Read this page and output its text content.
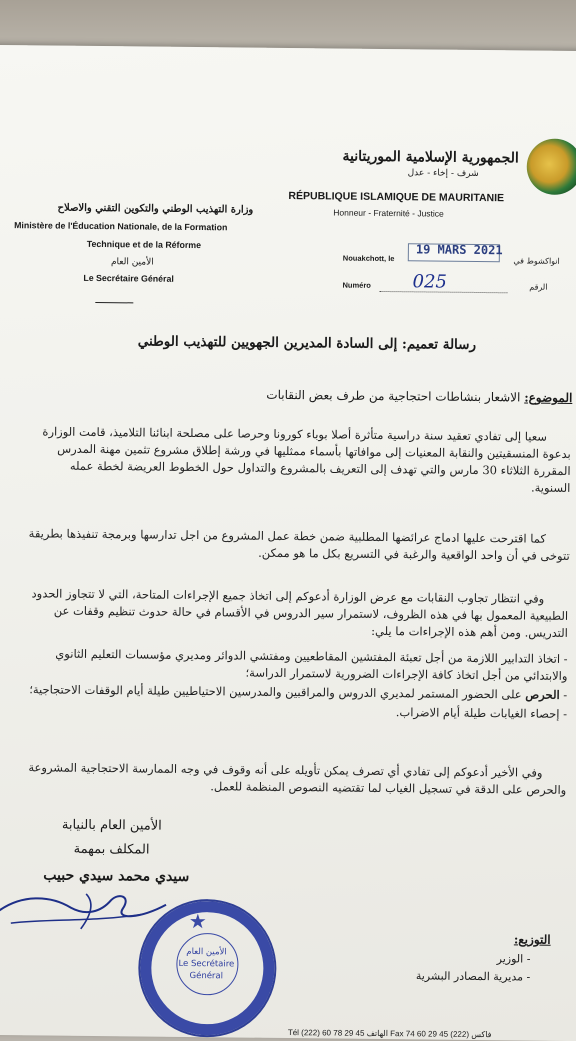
الجمهورية الإسلامية الموريتانية
شرف - إخاء - عدل
RÉPUBLIQUE ISLAMIQUE DE MAURITANIE
Honneur - Fraternité - Justice
وزارة التهذيب الوطني والتكوين التقني والاصلاح
Ministère de l'Éducation Nationale, de la Formation
Technique et de la Réforme
الأمين العام
Le Secrétaire Général
Nouakchott, le
19 MARS 2021
انواكشوط في
Numéro 025	الرقم
رسالة تعميم: إلى السادة المديرين الجهويين للتهذيب الوطني
الموضوع: الاشعار بنشاطات احتجاجية من طرف بعض النقابات
سعيا إلى تفادي تعقيد سنة دراسية متأثرة أصلا بوباء كورونا وحرصا على مصلحة ابنائنا التلاميذ، قامت الوزارة بدعوة المنسقيتين والنقابة المعنيات إلى موافاتها بأسماء ممثليها في ورشة إطلاق مشروع تثمين مهنة المدرس المقررة الثلاثاء 30 مارس والتي تهدف إلى التعريف بالمشروع والتداول حول الخطوط العريضة لخطة عمله السنوية.
كما اقترحت عليها ادماج عرائضها المطلبية ضمن خطة عمل المشروع من اجل تدارسها وبرمجة تنفيذها بطريقة تتوخى في أن واحد الواقعية والرغبة في التسريع بكل ما هو ممكن.
وفي انتظار تجاوب النقابات مع عرض الوزارة أدعوكم إلى اتخاذ جميع الإجراءات المتاحة، التي لا تتجاوز الحدود الطبيعية المعمول بها في هذه الظروف، لاستمرار سير الدروس في الأقسام في حالة حدوث تنظيم وقفات عن التدريس. ومن أهم هذه الإجراءات ما يلي:
- اتخاذ التدابير اللازمة من أجل تعبئة المفتشين المقاطعيين ومفتشي الدوائر ومديري مؤسسات التعليم الثانوي والابتدائي من أجل اتخاذ كافة الإجراءات الضرورية لاستمرار الدراسة؛
- الحرص على الحضور المستمر لمديري الدروس والمراقبين والمدرسين الاحتياطيين طيلة أيام الوقفات الاحتجاجية؛
- إحصاء الغيابات طيلة أيام الاضراب.
وفي الأخير أدعوكم إلى تفادي أي تصرف يمكن تأويله على أنه وقوف في وجه الممارسة الاحتجاجية المشروعة والحرص على الدقة في تسجيل الغياب لما تقتضيه النصوص المنظمة للعمل.
الأمين العام بالنيابة
المكلف بمهمة
سيدي محمد سيدي حبيب
★
الأمين العام
Le Secrétaire
Général
التوزيع:
- الوزير
- مديرية المصادر البشرية
فاكس (222) 45 29 60 74 Fax الهاتف 45 29 78 60 (222) Tél
